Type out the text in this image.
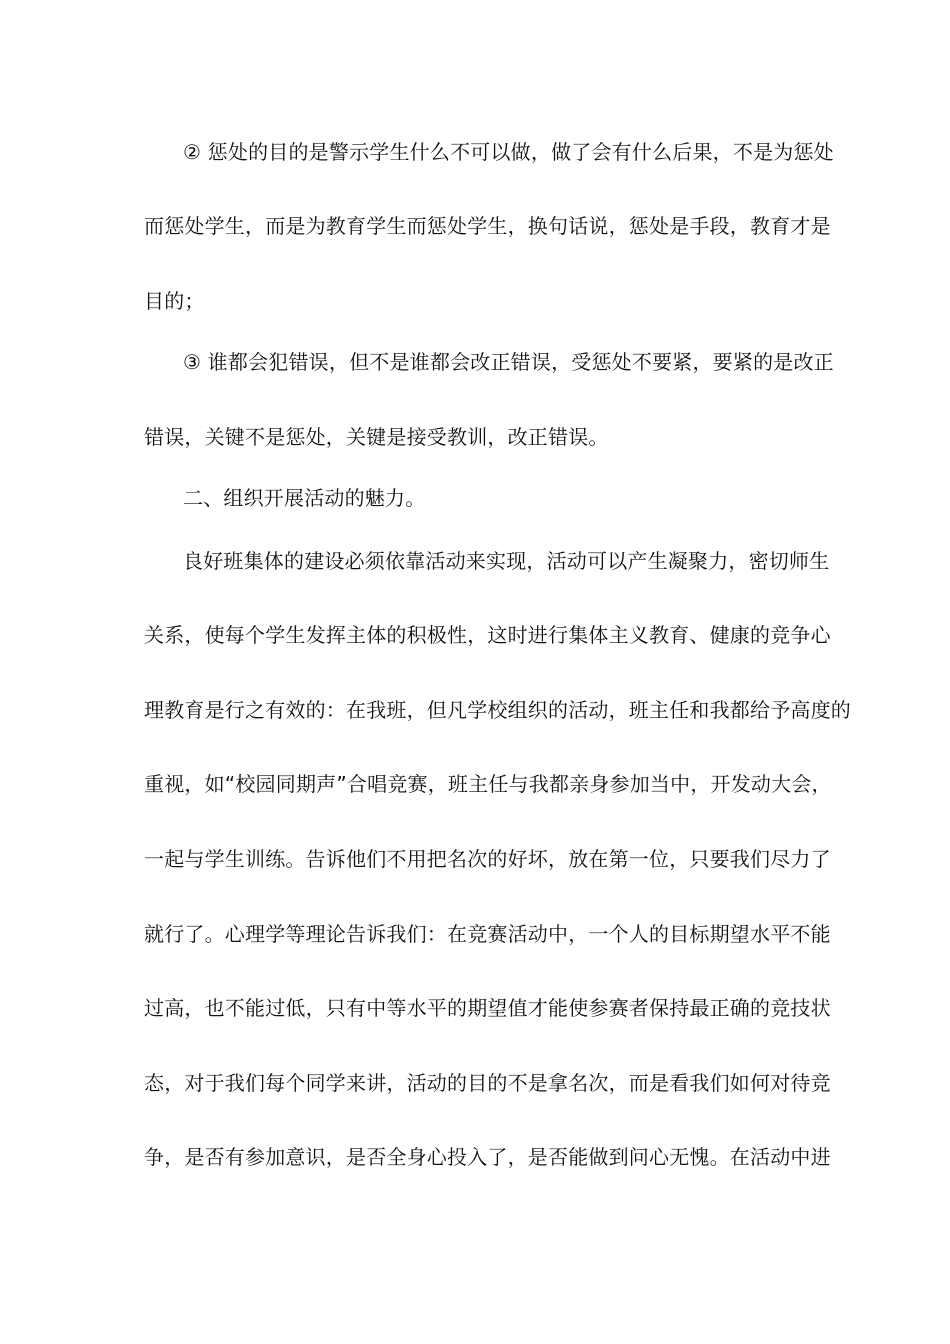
② 惩处的目的是警示学生什么不可以做，做了会有什么后果，不是为惩处
而惩处学生，而是为教育学生而惩处学生，换句话说，惩处是手段，教育才是
目的；
③ 谁都会犯错误，但不是谁都会改正错误，受惩处不要紧，要紧的是改正
错误，关键不是惩处，关键是接受教训，改正错误。
二、组织开展活动的魅力。
良好班集体的建设必须依靠活动来实现，活动可以产生凝聚力，密切师生
关系，使每个学生发挥主体的积极性，这时进行集体主义教育、健康的竞争心
理教育是行之有效的：在我班，但凡学校组织的活动，班主任和我都给予高度的
重视，如“校园同期声”合唱竞赛，班主任与我都亲身参加当中，开发动大会，
一起与学生训练。告诉他们不用把名次的好坏，放在第一位，只要我们尽力了
就行了。心理学等理论告诉我们：在竞赛活动中，一个人的目标期望水平不能
过高，也不能过低，只有中等水平的期望值才能使参赛者保持最正确的竞技状
态，对于我们每个同学来讲，活动的目的不是拿名次，而是看我们如何对待竞
争，是否有参加意识，是否全身心投入了，是否能做到问心无愧。在活动中进
